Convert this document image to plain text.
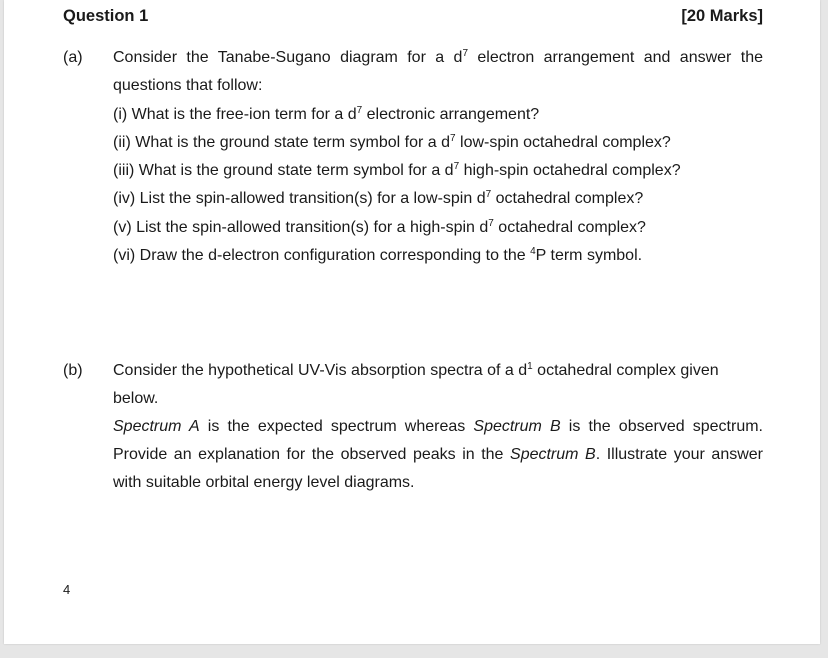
Question 1	[20 Marks]
(a) Consider the Tanabe-Sugano diagram for a $d^7$ electron arrangement and answer the
questions that follow:
(i) What is the free-ion term for a $d^7$ electronic arrangement?
(ii) What is the ground state term symbol for a $d^7$ low-spin octahedral complex?
(iii) What is the ground state term symbol for a $d^7$ high-spin octahedral complex?
(iv) List the spin-allowed transition(s) for a low-spin $d^7$ octahedral complex?
(v) List the spin-allowed transition(s) for a high-spin $d^7$ octahedral complex?
(vi) Draw the d-electron configuration corresponding to the $^4$P term symbol.
(b) Consider the hypothetical UV-Vis absorption spectra of a $d^1$ octahedral complex given
below.
Spectrum A is the expected spectrum whereas Spectrum B is the observed spectrum.
Provide an explanation for the observed peaks in the Spectrum B. Illustrate your answer
with suitable orbital energy level diagrams.
4
